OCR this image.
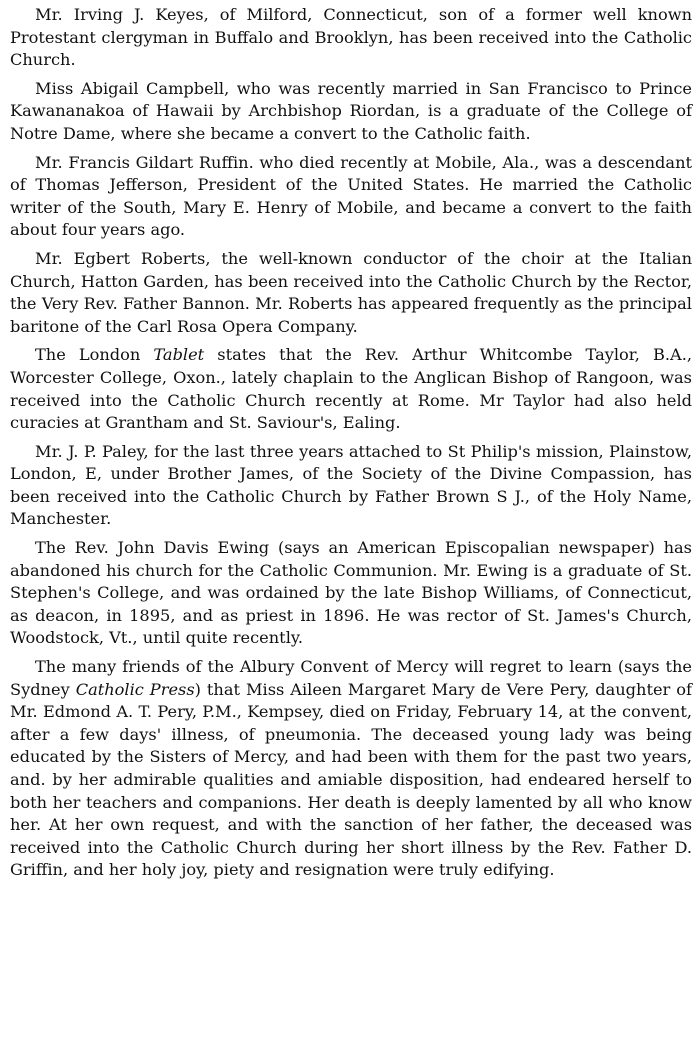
Mr. Irving J. Keyes, of Milford, Connecticut, son of a former well known Protestant clergyman in Buffalo and Brooklyn, has been received into the Catholic Church.

Miss Abigail Campbell, who was recently married in San Francisco to Prince Kawananakoa of Hawaii by Archbishop Riordan, is a graduate of the College of Notre Dame, where she became a convert to the Catholic faith.

Mr. Francis Gildart Ruffin. who died recently at Mobile, Ala., was a descendant of Thomas Jefferson, President of the United States. He married the Catholic writer of the South, Mary E. Henry of Mobile, and became a convert to the faith about four years ago.

Mr. Egbert Roberts, the well-known conductor of the choir at the Italian Church, Hatton Garden, has been received into the Catholic Church by the Rector, the Very Rev. Father Bannon. Mr. Roberts has appeared frequently as the principal baritone of the Carl Rosa Opera Company.

The London Tablet states that the Rev. Arthur Whitcombe Taylor, B.A., Worcester College, Oxon., lately chaplain to the Anglican Bishop of Rangoon, was received into the Catholic Church recently at Rome. Mr Taylor had also held curacies at Grantham and St. Saviour's, Ealing.

Mr. J. P. Paley, for the last three years attached to St Philip's mission, Plainstow, London, E, under Brother James, of the Society of the Divine Compassion, has been received into the Catholic Church by Father Brown S J., of the Holy Name, Manchester.

The Rev. John Davis Ewing (says an American Episcopalian newspaper) has abandoned his church for the Catholic Communion. Mr. Ewing is a graduate of St. Stephen's College, and was ordained by the late Bishop Williams, of Connecticut, as deacon, in 1895, and as priest in 1896. He was rector of St. James's Church, Woodstock, Vt., until quite recently.

The many friends of the Albury Convent of Mercy will regret to learn (says the Sydney Catholic Press) that Miss Aileen Margaret Mary de Vere Pery, daughter of Mr. Edmond A. T. Pery, P.M., Kempsey, died on Friday, February 14, at the convent, after a few days' illness, of pneumonia. The deceased young lady was being educated by the Sisters of Mercy, and had been with them for the past two years, and. by her admirable qualities and amiable disposition, had endeared herself to both her teachers and companions. Her death is deeply lamented by all who know her. At her own request, and with the sanction of her father, the deceased was received into the Catholic Church during her short illness by the Rev. Father D. Griffin, and her holy joy, piety and resignation were truly edifying.
